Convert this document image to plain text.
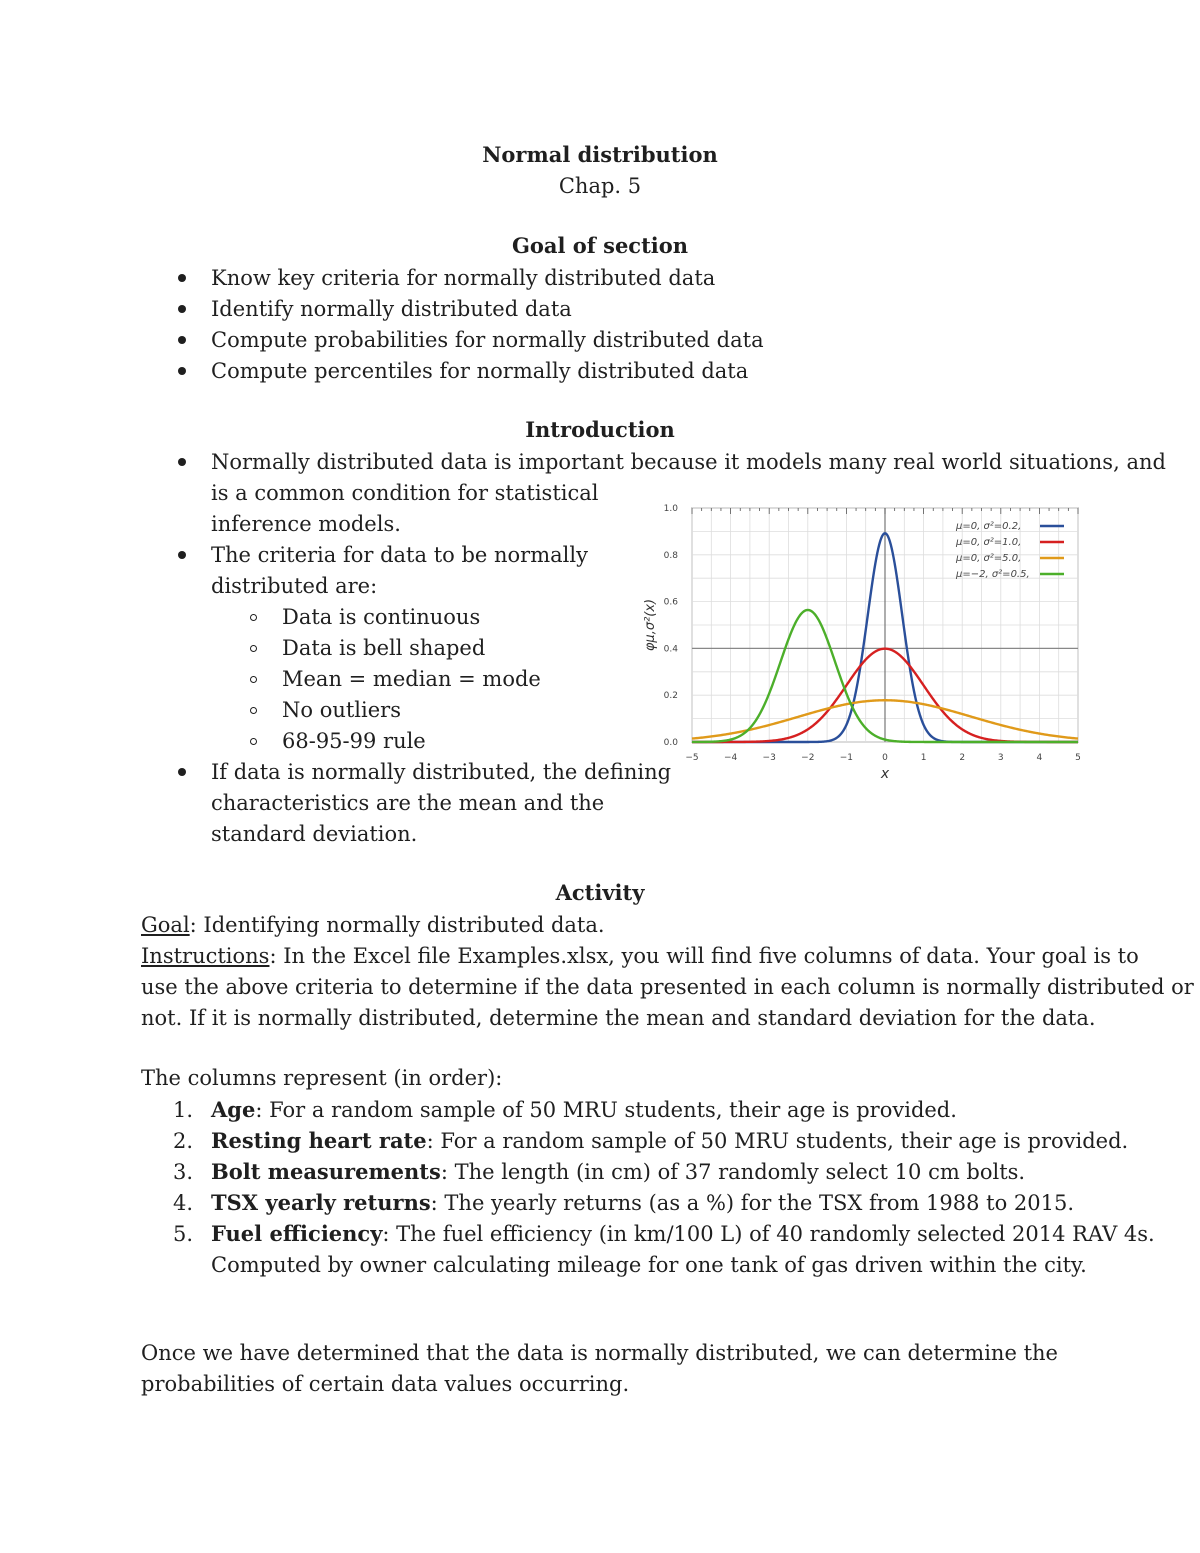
Normal distribution
Chap. 5
Goal of section
Know key criteria for normally distributed data
Identify normally distributed data
Compute probabilities for normally distributed data
Compute percentiles for normally distributed data
Introduction
Normally distributed data is important because it models many real world situations, and
is a common condition for statistical
inference models.
The criteria for data to be normally
distributed are:
Data is continuous
Data is bell shaped
Mean = median = mode
No outliers
68-95-99 rule
If data is normally distributed, the defining
characteristics are the mean and the
standard deviation.
μ=0, σ²=0.2,
μ=0, σ²=1.0,
μ=0, σ²=5.0,
μ=−2, σ²=0.5,
−5	−4	−3	−2	−1	0	1	2	3	4	5
0.0
0.2
0.4
0.6
0.8
1.0
x
φμ,σ²(x)
Activity
Goal: Identifying normally distributed data.
Instructions: In the Excel file Examples.xlsx, you will find five columns of data. Your goal is to
use the above criteria to determine if the data presented in each column is normally distributed or
not. If it is normally distributed, determine the mean and standard deviation for the data.
The columns represent (in order):
1. Age: For a random sample of 50 MRU students, their age is provided.
2. Resting heart rate: For a random sample of 50 MRU students, their age is provided.
3. Bolt measurements: The length (in cm) of 37 randomly select 10 cm bolts.
4. TSX yearly returns: The yearly returns (as a %) for the TSX from 1988 to 2015.
5. Fuel efficiency: The fuel efficiency (in km/100 L) of 40 randomly selected 2014 RAV 4s.
Computed by owner calculating mileage for one tank of gas driven within the city.
Once we have determined that the data is normally distributed, we can determine the
probabilities of certain data values occurring.
